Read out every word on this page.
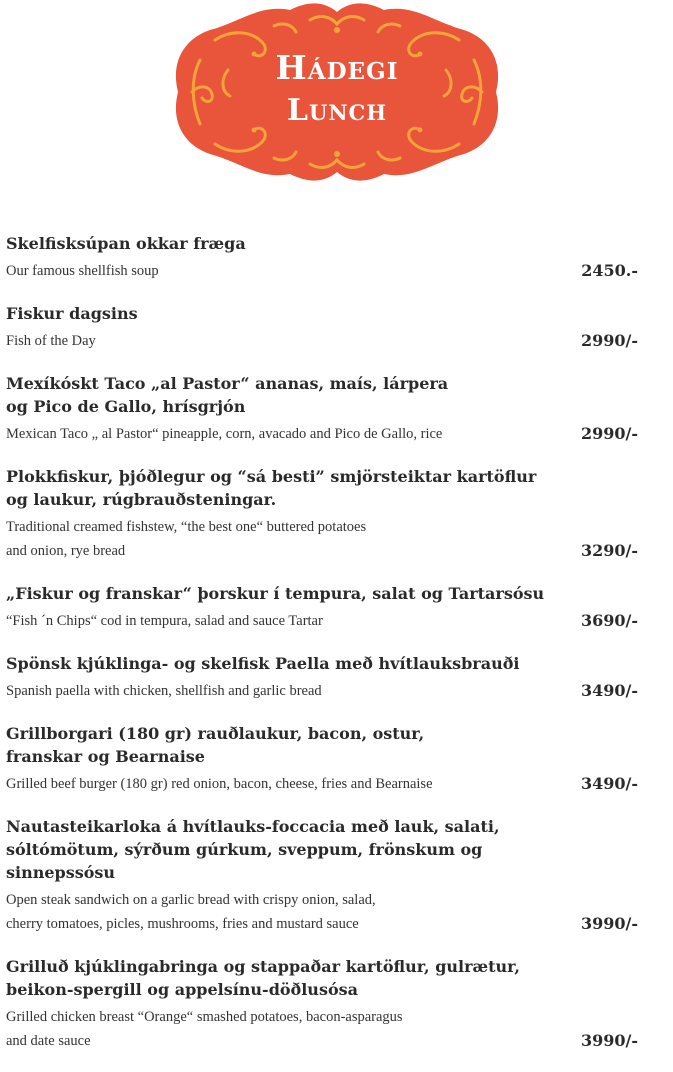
Hádegi
Lunch
Skelfisksúpan okkar fræga
Our famous shellfish soup	2450.-
Fiskur dagsins
Fish of the Day	2990/-
Mexíkóskt Taco „al Pastor“ ananas, maís, lárpera
og Pico de Gallo, hrísgrjón
Mexican Taco „ al Pastor“ pineapple, corn, avacado and Pico de Gallo, rice	2990/-
Plokkfiskur, þjóðlegur og “sá besti” smjörsteiktar kartöflur
og laukur, rúgbrauðsteningar.
Traditional creamed fishstew, “the best one“ buttered potatoes
and onion, rye bread	3290/-
„Fiskur og franskar“ þorskur í tempura, salat og Tartarsósu
“Fish ´n Chips“ cod in tempura, salad and sauce Tartar	3690/-
Spönsk kjúklinga- og skelfisk Paella með hvítlauksbrauði
Spanish paella with chicken, shellfish and garlic bread	3490/-
Grillborgari (180 gr) rauðlaukur, bacon, ostur,
franskar og Bearnaise
Grilled beef burger (180 gr) red onion, bacon, cheese, fries and Bearnaise	3490/-
Nautasteikarloka á hvítlauks-foccacia með lauk, salati,
sóltómötum, sýrðum gúrkum, sveppum, frönskum og sinnepssósu
Open steak sandwich on a garlic bread with crispy onion, salad,
cherry tomatoes, picles, mushrooms, fries and mustard sauce	3990/-
Grilluð kjúklingabringa og stappaðar kartöflur, gulrætur,
beikon-spergill og appelsínu-döðlusósa
Grilled chicken breast “Orange“ smashed potatoes, bacon-asparagus
and date sauce	3990/-
